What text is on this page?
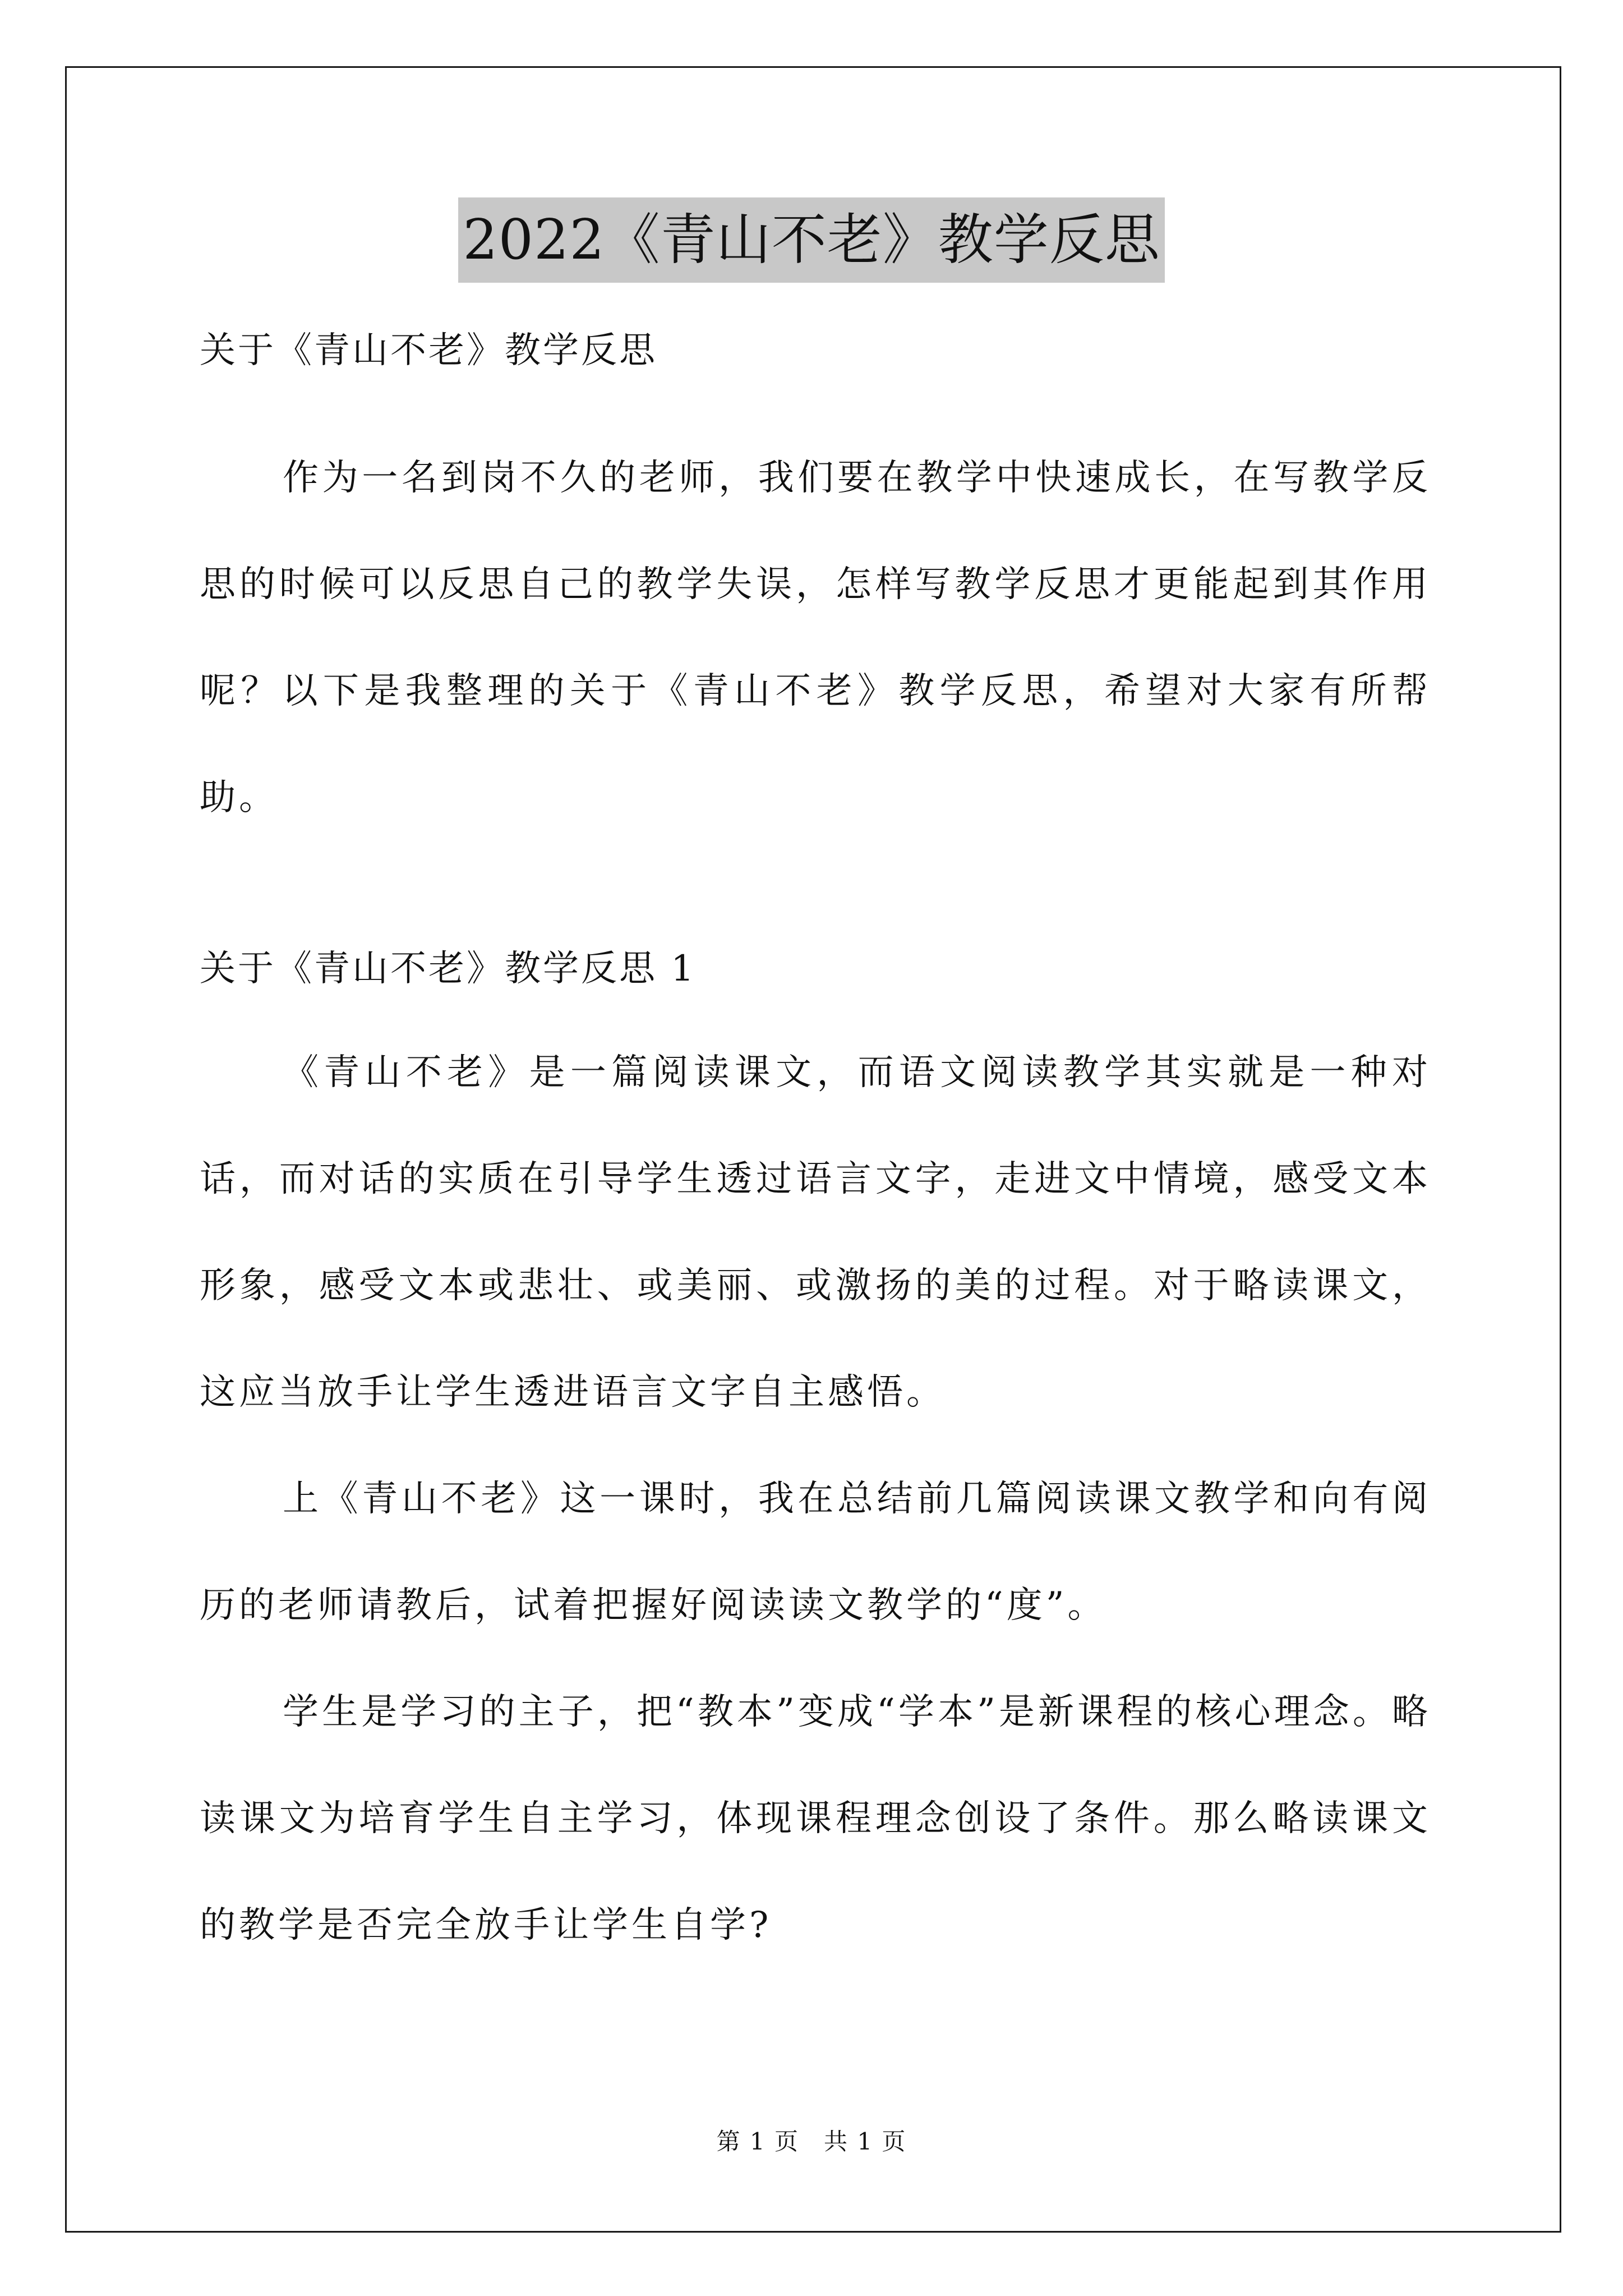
2022《青山不老》教学反思

关于《青山不老》教学反思

作为一名到岗不久的老师，我们要在教学中快速成长，在写教学反思的时候可以反思自己的教学失误，怎样写教学反思才更能起到其作用呢？以下是我整理的关于《青山不老》教学反思，希望对大家有所帮助。

关于《青山不老》教学反思 1

《青山不老》是一篇阅读课文，而语文阅读教学其实就是一种对话，而对话的实质在引导学生透过语言文字，走进文中情境，感受文本形象，感受文本或悲壮、或美丽、或激扬的美的过程。对于略读课文，这应当放手让学生透进语言文字自主感悟。

上《青山不老》这一课时，我在总结前几篇阅读课文教学和向有阅历的老师请教后，试着把握好阅读读文教学的“度”。

学生是学习的主子，把“教本”变成“学本”是新课程的核心理念。略读课文为培育学生自主学习，体现课程理念创设了条件。那么略读课文的教学是否完全放手让学生自学?

第 1 页　共 1 页
